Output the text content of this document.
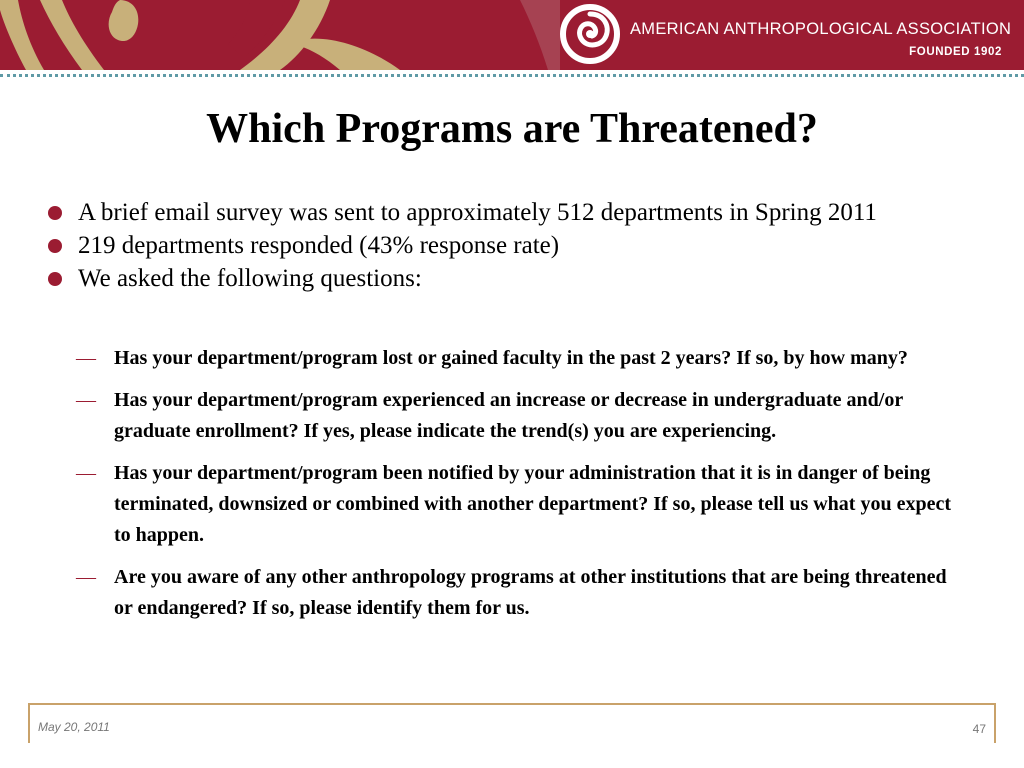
AMERICAN ANTHROPOLOGICAL ASSOCIATION
FOUNDED 1902
Which Programs are Threatened?
A brief email survey was sent to approximately 512 departments in Spring 2011
219 departments responded (43% response rate)
We asked the following questions:
— Has your department/program lost or gained faculty in the past 2 years? If so, by how many?
— Has your department/program experienced an increase or decrease in undergraduate and/or graduate enrollment? If yes, please indicate the trend(s) you are experiencing.
— Has your department/program been notified by your administration that it is in danger of being terminated, downsized or combined with another department? If so, please tell us what you expect to happen.
— Are you aware of any other anthropology programs at other institutions that are being threatened or endangered? If so, please identify them for us.
May 20, 2011	47
